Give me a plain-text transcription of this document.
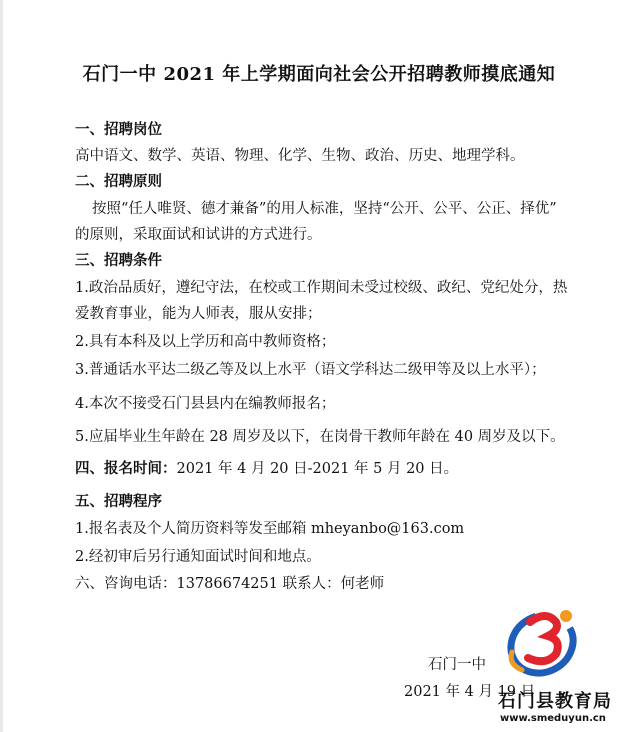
石门一中 2021 年上学期面向社会公开招聘教师摸底通知
一、招聘岗位
高中语文、数学、英语、物理、化学、生物、政治、历史、地理学科。
二、招聘原则
按照“任人唯贤、德才兼备”的用人标准，坚持“公开、公平、公正、择优”
的原则，采取面试和试讲的方式进行。
三、招聘条件
1.政治品质好，遵纪守法，在校或工作期间未受过校级、政纪、党纪处分，热
爱教育事业，能为人师表，服从安排；
2.具有本科及以上学历和高中教师资格；
3.普通话水平达二级乙等及以上水平（语文学科达二级甲等及以上水平）；
4.本次不接受石门县县内在编教师报名；
5.应届毕业生年龄在 28 周岁及以下，在岗骨干教师年龄在 40 周岁及以下。
四、报名时间：2021 年 4 月 20 日-2021 年 5 月 20 日。
五、招聘程序
1.报名表及个人简历资料等发至邮箱 mheyanbo@163.com
2.经初审后另行通知面试时间和地点。
六、咨询电话：13786674251 联系人：何老师
石门一中
2021 年 4 月 19 日
石门县教育局
www.smeduyun.cn
